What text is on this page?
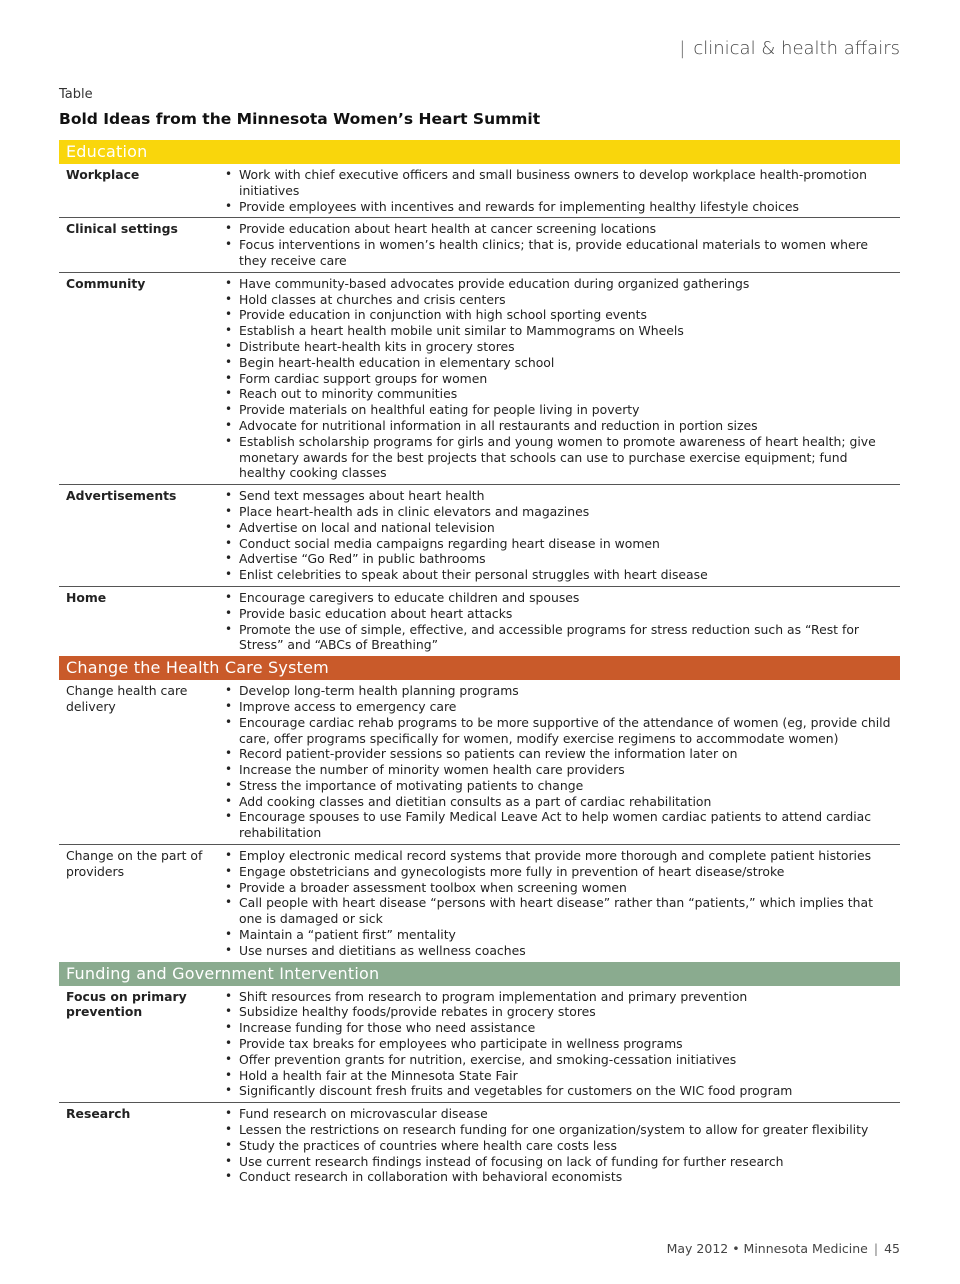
| clinical & health affairs
Table
Bold Ideas from the Minnesota Women’s Heart Summit
Education
Workplace	• Work with chief executive officers and small business owners to develop workplace health-promotion initiatives
• Provide employees with incentives and rewards for implementing healthy lifestyle choices
Clinical settings	• Provide education about heart health at cancer screening locations
• Focus interventions in women’s health clinics; that is, provide educational materials to women where they receive care
Community	• Have community-based advocates provide education during organized gatherings
• Hold classes at churches and crisis centers
• Provide education in conjunction with high school sporting events
• Establish a heart health mobile unit similar to Mammograms on Wheels
• Distribute heart-health kits in grocery stores
• Begin heart-health education in elementary school
• Form cardiac support groups for women
• Reach out to minority communities
• Provide materials on healthful eating for people living in poverty
• Advocate for nutritional information in all restaurants and reduction in portion sizes
• Establish scholarship programs for girls and young women to promote awareness of heart health; give monetary awards for the best projects that schools can use to purchase exercise equipment; fund healthy cooking classes
Advertisements	• Send text messages about heart health
• Place heart-health ads in clinic elevators and magazines
• Advertise on local and national television
• Conduct social media campaigns regarding heart disease in women
• Advertise “Go Red” in public bathrooms
• Enlist celebrities to speak about their personal struggles with heart disease
Home	• Encourage caregivers to educate children and spouses
• Provide basic education about heart attacks
• Promote the use of simple, effective, and accessible programs for stress reduction such as “Rest for Stress” and “ABCs of Breathing”
Change the Health Care System
Change health care delivery
• Develop long-term health planning programs
• Improve access to emergency care
• Encourage cardiac rehab programs to be more supportive of the attendance of women (eg, provide child care, offer programs specifically for women, modify exercise regimens to accommodate women)
• Record patient-provider sessions so patients can review the information later on
• Increase the number of minority women health care providers
• Stress the importance of motivating patients to change
• Add cooking classes and dietitian consults as a part of cardiac rehabilitation
• Encourage spouses to use Family Medical Leave Act to help women cardiac patients to attend cardiac rehabilitation
Change on the part of providers
• Employ electronic medical record systems that provide more thorough and complete patient histories
• Engage obstetricians and gynecologists more fully in prevention of heart disease/stroke
• Provide a broader assessment toolbox when screening women
• Call people with heart disease “persons with heart disease” rather than “patients,” which implies that one is damaged or sick
• Maintain a “patient first” mentality
• Use nurses and dietitians as wellness coaches
Funding and Government Intervention
Focus on primary prevention
• Shift resources from research to program implementation and primary prevention
• Subsidize healthy foods/provide rebates in grocery stores
• Increase funding for those who need assistance
• Provide tax breaks for employees who participate in wellness programs
• Offer prevention grants for nutrition, exercise, and smoking-cessation initiatives
• Hold a health fair at the Minnesota State Fair
• Significantly discount fresh fruits and vegetables for customers on the WIC food program
Research	• Fund research on microvascular disease
• Lessen the restrictions on research funding for one organization/system to allow for greater flexibility
• Study the practices of countries where health care costs less
• Use current research findings instead of focusing on lack of funding for further research
• Conduct research in collaboration with behavioral economists
May 2012 • Minnesota Medicine | 45
